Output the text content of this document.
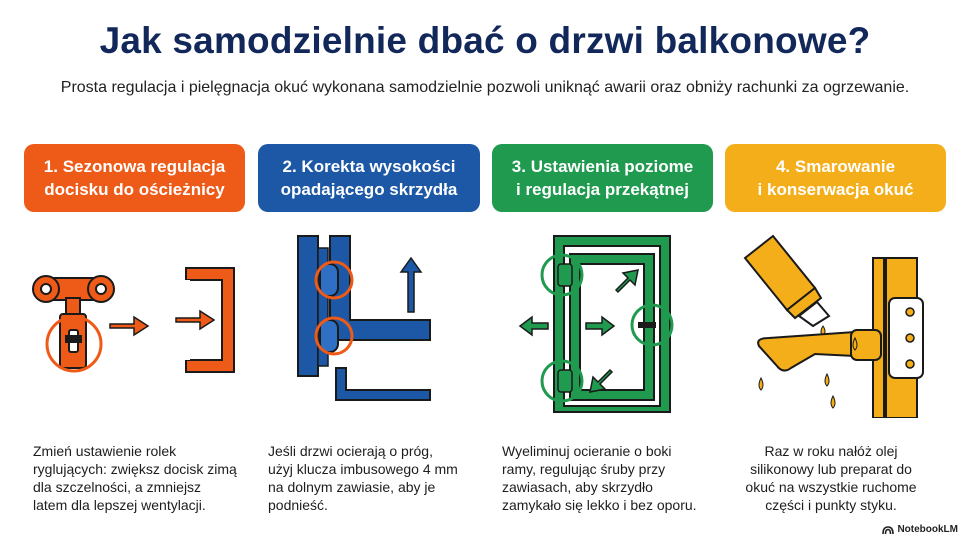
Jak samodzielnie dbać o drzwi balkonowe?
Prosta regulacja i pielęgnacja okuć wykonana samodzielnie pozwoli uniknąć awarii oraz obniży rachunki za ogrzewanie.
1. Sezonowa regulacja
docisku do ościeżnicy
2. Korekta wysokości
opadającego skrzydła
3. Ustawienia poziome
i regulacja przekątnej
4. Smarowanie
i konserwacja okuć
Zmień ustawienie rolek
ryglujących: zwiększ docisk zimą
dla szczelności, a zmniejsz
latem dla lepszej wentylacji.
Jeśli drzwi ocierają o próg,
użyj klucza imbusowego 4 mm
na dolnym zawiasie, aby je
podnieść.
Wyeliminuj ocieranie o boki
ramy, regulując śruby przy
zawiasach, aby skrzydło
zamykało się lekko i bez oporu.
Raz w roku nałóż olej
silikonowy lub preparat do
okuć na wszystkie ruchome
części i punkty styku.
NotebookLM
